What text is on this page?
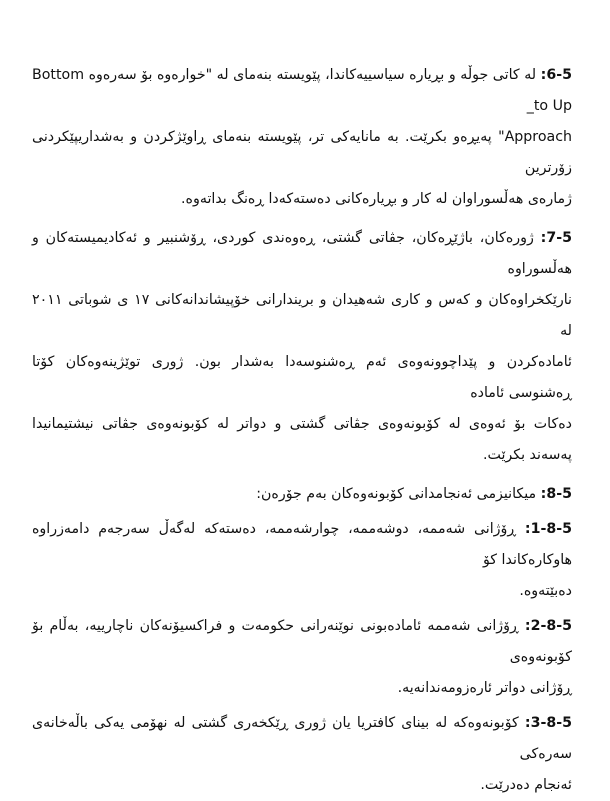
6-5: له کاتی جوڵه و بڕیاره سیاسییەکاندا، پێویسته بنەمای له "خوارەوه بۆ سەرەوه Bottom to Up_
Approach" پەیڕەو بکرێت. به مانایەکی تر، پێویسته بنەمای ڕاوێژکردن و بەشداریپێکردنی زۆرترین
ژمارەی هەڵسوراوان له کار و بڕیارەکانی دەستەکەدا ڕەنگ بداتەوه.

7-5: ژورەکان، باژێڕەکان، جڤاتی گشتی، ڕەوەندی کوردی، ڕۆشنبیر و ئەکادیمیستەکان و هەڵسوراوه
نارێکخراوەکان و کەس و کاری شەهیدان و بریندارانی خۆپیشاندانەکانی ١٧ ی شوباتی ٢٠١١ له
ئامادەکردن و پێداچوونەوەی ئەم ڕەشنوسەدا بەشدار بون. ژوری توێژینەوەکان کۆتا ڕەشنوسی ئامادە
دەکات بۆ ئەوەی له کۆبونەوەی جڤاتی گشتی و دواتر له کۆبونەوەی جڤاتی نیشتیمانیدا پەسەند بکرێت.

8-5: میکانیزمی ئەنجامدانی کۆبونەوەکان بەم جۆرەن:

1-8-5: ڕۆژانی شەممە، دوشەممە، چوارشەممە، دەستەکە لەگەڵ سەرجەم دامەزراوە هاوکارەکاندا کۆ
دەبێتەوە.

2-8-5: ڕۆژانی شەممە ئامادەبونی نوێنەرانی حکومەت و فراکسیۆنەکان ناچارییە، بەڵام بۆ کۆبونەوەی
ڕۆژانی دواتر ئارەزومەندانەیە.

3-8-5: کۆبونەوەکە له بینای کافتریا یان ژوری ڕێکخەری گشتی له نهۆمی یەکی باڵەخانەی سەرەکی
ئەنجام دەدرێت.
